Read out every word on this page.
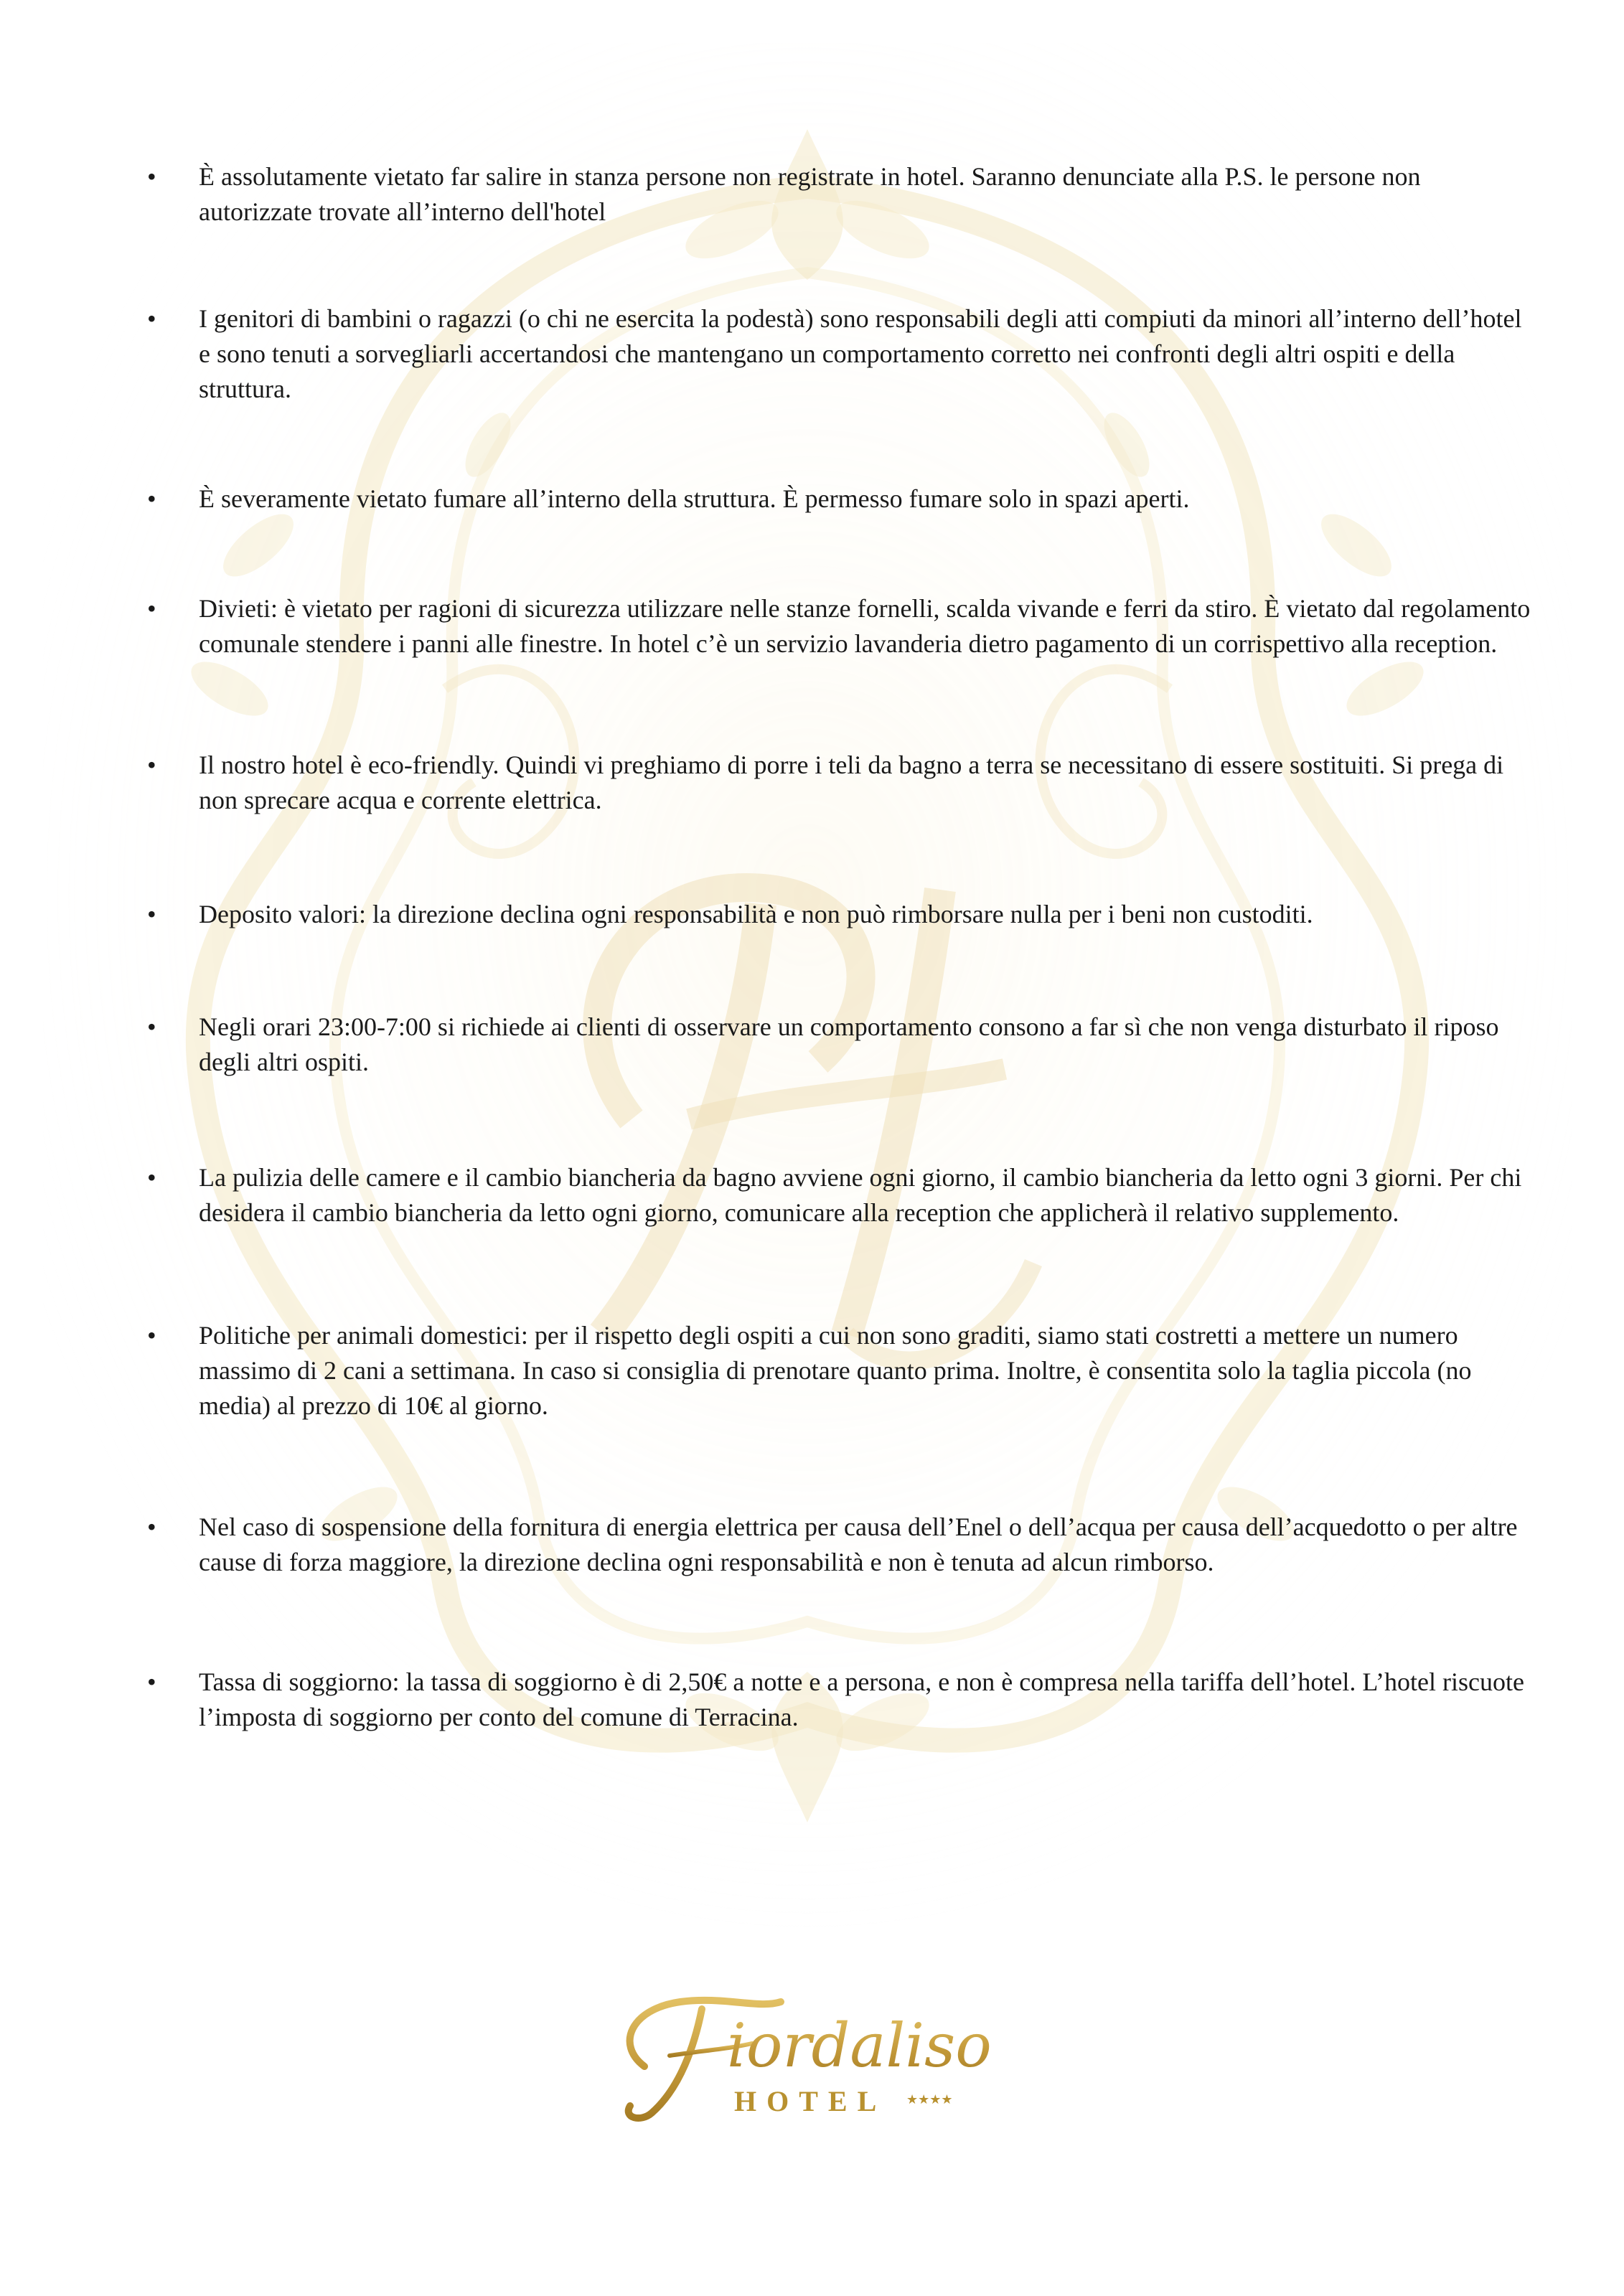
•	È assolutamente vietato far salire in stanza persone non registrate in hotel. Saranno denunciate alla P.S. le persone non autorizzate trovate all’interno dell'hotel
•	I genitori di bambini o ragazzi (o chi ne esercita la podestà) sono responsabili degli atti compiuti da minori all’interno dell’hotel e sono tenuti a sorvegliarli accertandosi che mantengano un comportamento corretto nei confronti degli altri ospiti e della struttura.
•	È severamente vietato fumare all’interno della struttura. È permesso fumare solo in spazi aperti.
•	Divieti: è vietato per ragioni di sicurezza utilizzare nelle stanze fornelli, scalda vivande e ferri da stiro. È vietato dal regolamento comunale stendere i panni alle finestre. In hotel c’è un servizio lavanderia dietro pagamento di un corrispettivo alla reception.
•	Il nostro hotel è eco-friendly. Quindi vi preghiamo di porre i teli da bagno a terra se necessitano di essere sostituiti. Si prega di non sprecare acqua e corrente elettrica.
•	Deposito valori: la direzione declina ogni responsabilità e non può rimborsare nulla per i beni non custoditi.
•	Negli orari 23:00-7:00 si richiede ai clienti di osservare un comportamento consono a far sì che non venga disturbato il riposo degli altri ospiti.
•	La pulizia delle camere e il cambio biancheria da bagno avviene ogni giorno, il cambio biancheria da letto ogni 3 giorni. Per chi desidera il cambio biancheria da letto ogni giorno, comunicare alla reception che applicherà il relativo supplemento.
•	Politiche per animali domestici: per il rispetto degli ospiti a cui non sono graditi, siamo stati costretti a mettere un numero massimo di 2 cani a settimana. In caso si consiglia di prenotare quanto prima. Inoltre, è consentita solo la taglia piccola (no media) al prezzo di 10€ al giorno.
•	Nel caso di sospensione della fornitura di energia elettrica per causa dell’Enel o dell’acqua per causa dell’acquedotto o per altre cause di forza maggiore, la direzione declina ogni responsabilità e non è tenuta ad alcun rimborso.
•	Tassa di soggiorno: la tassa di soggiorno è di 2,50€ a notte e a persona, e non è compresa nella tariffa dell’hotel. L’hotel riscuote l’imposta di soggiorno per conto del comune di Terracina.
iordaliso
HOTEL ★★★★
